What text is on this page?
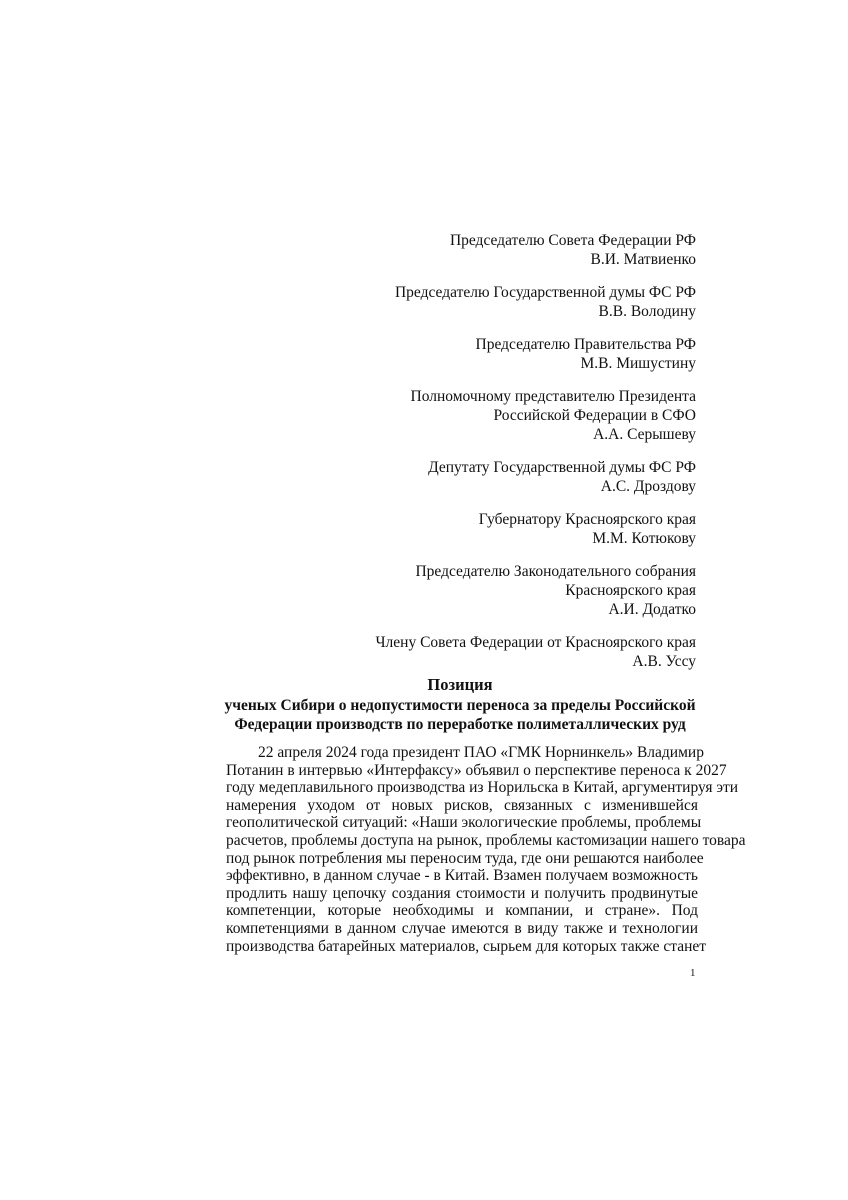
Председателю Совета Федерации РФ
В.И. Матвиенко
Председателю Государственной думы ФС РФ
В.В. Володину
Председателю Правительства РФ
М.В. Мишустину
Полномочному представителю Президента
Российской Федерации в СФО
А.А. Серышеву
Депутату Государственной думы ФС РФ
А.С. Дроздову
Губернатору Красноярского края
М.М. Котюкову
Председателю Законодательного собрания
Красноярского края
А.И. Додатко
Члену Совета Федерации от Красноярского края
А.В. Уссу
Позиция
ученых Сибири о недопустимости переноса за пределы Российской
Федерации производств по переработке полиметаллических руд
22 апреля 2024 года президент ПАО «ГМК Норнинкель» Владимир
Потанин в интервью «Интерфаксу» объявил о перспективе переноса к 2027
году медеплавильного производства из Норильска в Китай, аргументируя эти
намерения уходом от новых рисков, связанных с изменившейся
геополитической ситуаций: «Наши экологические проблемы, проблемы
расчетов, проблемы доступа на рынок, проблемы кастомизации нашего товара
под рынок потребления мы переносим туда, где они решаются наиболее
эффективно, в данном случае - в Китай. Взамен получаем возможность
продлить нашу цепочку создания стоимости и получить продвинутые
компетенции, которые необходимы и компании, и стране». Под
компетенциями в данном случае имеются в виду также и технологии
производства батарейных материалов, сырьем для которых также станет
1
